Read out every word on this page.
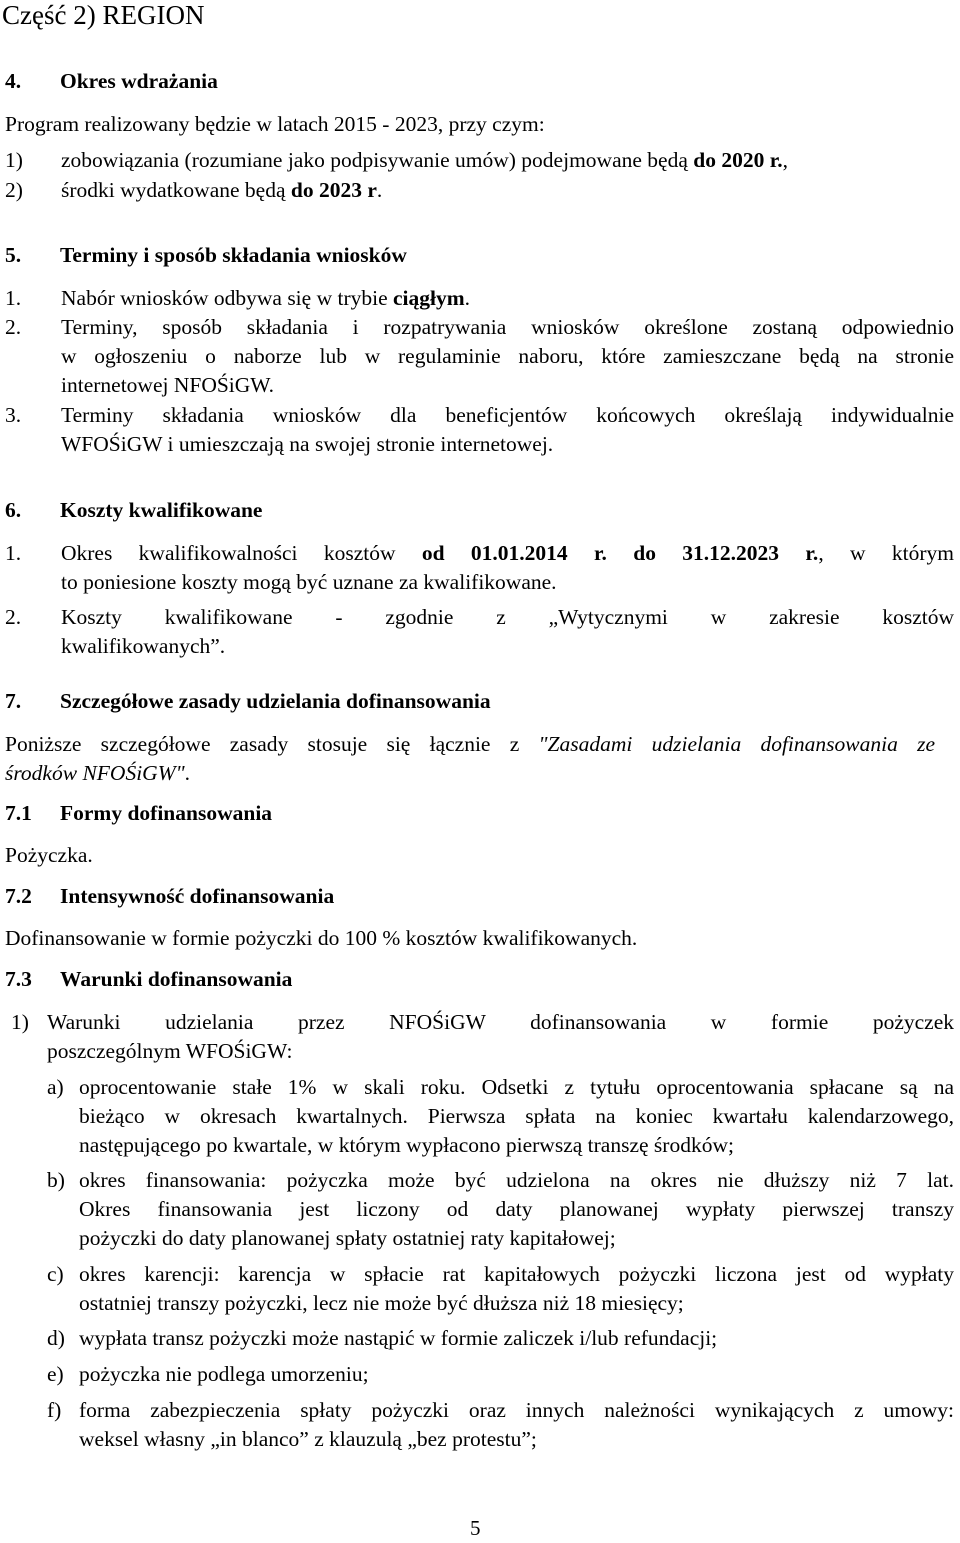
Część 2) REGION
4. Okres wdrażania
Program realizowany będzie w latach 2015 - 2023, przy czym:
1) zobowiązania (rozumiane jako podpisywanie umów) podejmowane będą do 2020 r.,
2) środki wydatkowane będą do 2023 r.
5. Terminy i sposób składania wniosków
1. Nabór wniosków odbywa się w trybie ciągłym.
2. Terminy, sposób składania i rozpatrywania wniosków określone zostaną odpowiednio
w ogłoszeniu o naborze lub w regulaminie naboru, które zamieszczane będą na stronie
internetowej NFOŚiGW.
3. Terminy składania wniosków dla beneficjentów końcowych określają indywidualnie
WFOŚiGW i umieszczają na swojej stronie internetowej.
6. Koszty kwalifikowane
1. Okres kwalifikowalności kosztów od 01.01.2014 r. do 31.12.2023 r., w którym
to poniesione koszty mogą być uznane za kwalifikowane.
2. Koszty kwalifikowane - zgodnie z „Wytycznymi w zakresie kosztów
kwalifikowanych”.
7. Szczegółowe zasady udzielania dofinansowania
Poniższe szczegółowe zasady stosuje się łącznie z "Zasadami udzielania dofinansowania ze
środków NFOŚiGW".
7.1 Formy dofinansowania
Pożyczka.
7.2 Intensywność dofinansowania
Dofinansowanie w formie pożyczki do 100 % kosztów kwalifikowanych.
7.3 Warunki dofinansowania
1) Warunki udzielania przez NFOŚiGW dofinansowania w formie pożyczek
poszczególnym WFOŚiGW:
a) oprocentowanie stałe 1% w skali roku. Odsetki z tytułu oprocentowania spłacane są na
bieżąco w okresach kwartalnych. Pierwsza spłata na koniec kwartału kalendarzowego,
następującego po kwartale, w którym wypłacono pierwszą transzę środków;
b) okres finansowania: pożyczka może być udzielona na okres nie dłuższy niż 7 lat.
Okres finansowania jest liczony od daty planowanej wypłaty pierwszej transzy
pożyczki do daty planowanej spłaty ostatniej raty kapitałowej;
c) okres karencji: karencja w spłacie rat kapitałowych pożyczki liczona jest od wypłaty
ostatniej transzy pożyczki, lecz nie może być dłuższa niż 18 miesięcy;
d) wypłata transz pożyczki może nastąpić w formie zaliczek i/lub refundacji;
e) pożyczka nie podlega umorzeniu;
f) forma zabezpieczenia spłaty pożyczki oraz innych należności wynikających z umowy:
weksel własny „in blanco” z klauzulą „bez protestu”;
5
